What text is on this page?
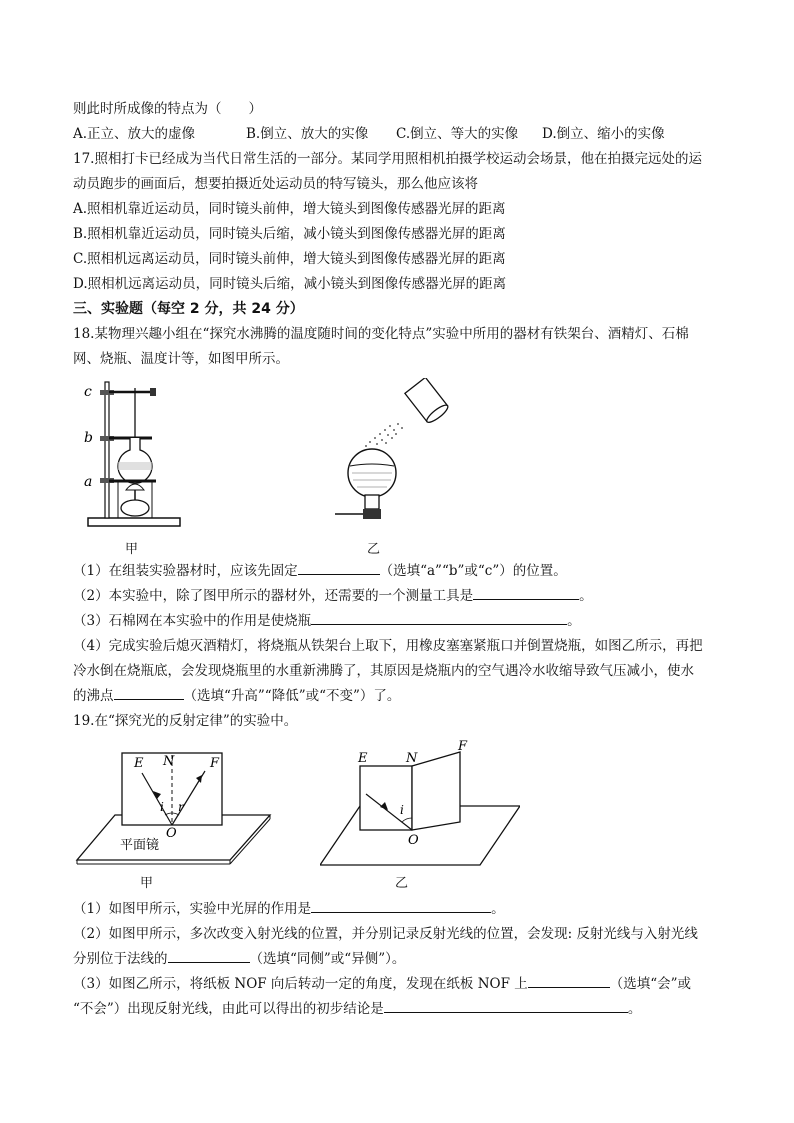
则此时所成像的特点为（　　）
A.正立、放大的虚像	B.倒立、放大的实像 C.倒立、等大的实像 D.倒立、缩小的实像
17.照相打卡已经成为当代日常生活的一部分。某同学用照相机拍摄学校运动会场景，他在拍摄完远处的运
动员跑步的画面后，想要拍摄近处运动员的特写镜头，那么他应该将
A.照相机靠近运动员，同时镜头前伸，增大镜头到图像传感器光屏的距离
B.照相机靠近运动员，同时镜头后缩，减小镜头到图像传感器光屏的距离
C.照相机远离运动员，同时镜头前伸，增大镜头到图像传感器光屏的距离
D.照相机远离运动员，同时镜头后缩，减小镜头到图像传感器光屏的距离
三、实验题（每空 2 分，共 24 分）
18.某物理兴趣小组在“探究水沸腾的温度随时间的变化特点”实验中所用的器材有铁架台、酒精灯、石棉
网、烧瓶、温度计等，如图甲所示。
c
b
a
甲	乙
（1）在组装实验器材时，应该先固定	（选填“a”“b”或“c”）的位置。
（2）本实验中，除了图甲所示的器材外，还需要的一个测量工具是	。
（3）石棉网在本实验中的作用是使烧瓶	。
（4）完成实验后熄灭酒精灯，将烧瓶从铁架台上取下，用橡皮塞塞紧瓶口并倒置烧瓶，如图乙所示，再把
冷水倒在烧瓶底，会发现烧瓶里的水重新沸腾了，其原因是烧瓶内的空气遇冷水收缩导致气压减小，使水
的沸点	（选填“升高”“降低”或“不变”）了。
19.在“探究光的反射定律”的实验中。
E N	F
i r
O
平面镜
甲
E	N
F
i
O
乙
（1）如图甲所示，实验中光屏的作用是	。
（2）如图甲所示，多次改变入射光线的位置，并分别记录反射光线的位置，会发现: 反射光线与入射光线
分别位于法线的	（选填“同侧”或“异侧”）。
（3）如图乙所示，将纸板 NOF 向后转动一定的角度，发现在纸板 NOF 上	（选填“会”或
“不会”）出现反射光线，由此可以得出的初步结论是	。
